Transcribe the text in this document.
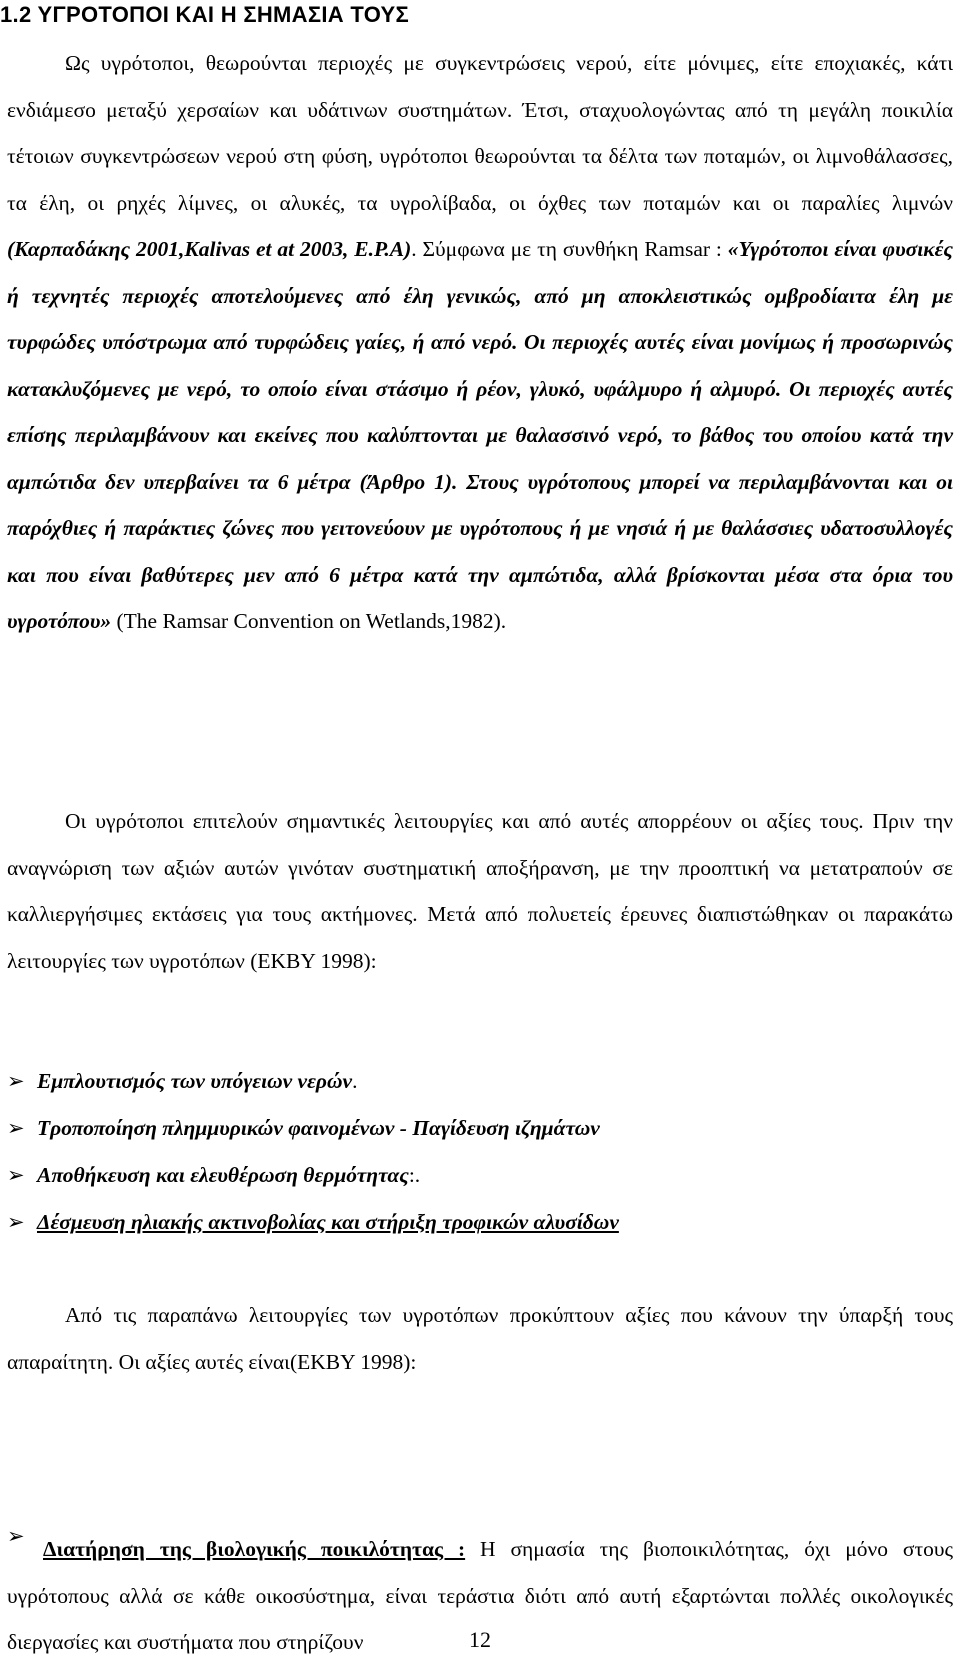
1.2 ΥΓΡΟΤΟΠΟΙ ΚΑΙ Η ΣΗΜΑΣΙΑ ΤΟΥΣ

Ως υγρότοποι, θεωρούνται περιοχές με συγκεντρώσεις νερού, είτε μόνιμες, είτε εποχιακές, κάτι ενδιάμεσο μεταξύ χερσαίων και υδάτινων συστημάτων. Έτσι, σταχυολογώντας από τη μεγάλη ποικιλία τέτοιων συγκεντρώσεων νερού στη φύση, υγρότοποι θεωρούνται τα δέλτα των ποταμών, οι λιμνοθάλασσες, τα έλη, οι ρηχές λίμνες, οι αλυκές, τα υγρολίβαδα, οι όχθες των ποταμών και οι παραλίες λιμνών (Καρπαδάκης 2001,Kalivas et at 2003, E.P.A). Σύμφωνα με τη συνθήκη Ramsar : «Υγρότοποι είναι φυσικές ή τεχνητές περιοχές αποτελούμενες από έλη γενικώς, από μη αποκλειστικώς ομβροδίαιτα έλη με τυρφώδες υπόστρωμα από τυρφώδεις γαίες, ή από νερό. Οι περιοχές αυτές είναι μονίμως ή προσωρινώς κατακλυζόμενες με νερό, το οποίο είναι στάσιμο ή ρέον, γλυκό, υφάλμυρο ή αλμυρό. Οι περιοχές αυτές επίσης περιλαμβάνουν και εκείνες που καλύπτονται με θαλασσινό νερό, το βάθος του οποίου κατά την αμπώτιδα δεν υπερβαίνει τα 6 μέτρα (Άρθρο 1). Στους υγρότοπους μπορεί να περιλαμβάνονται και οι παρόχθιες ή παράκτιες ζώνες που γειτονεύουν με υγρότοπους ή με νησιά ή με θαλάσσιες υδατοσυλλογές και που είναι βαθύτερες μεν από 6 μέτρα κατά την αμπώτιδα, αλλά βρίσκονται μέσα στα όρια του υγροτόπου» (The Ramsar Convention on Wetlands,1982).

Οι υγρότοποι επιτελούν σημαντικές λειτουργίες και από αυτές απορρέουν οι αξίες τους. Πριν την αναγνώριση των αξιών αυτών γινόταν συστηματική αποξήρανση, με την προοπτική να μετατραπούν σε καλλιεργήσιμες εκτάσεις για τους ακτήμονες. Μετά από πολυετείς έρευνες διαπιστώθηκαν οι παρακάτω λειτουργίες των υγροτόπων (ΕΚΒΥ 1998):

➢ Εμπλουτισμός των υπόγειων νερών .
➢ Τροποποίηση πλημμυρικών φαινομένων - Παγίδευση ιζημάτων
➢ Αποθήκευση και ελευθέρωση θερμότητας :.
➢ Δέσμευση ηλιακής ακτινοβολίας και στήριξη τροφικών αλυσίδων

Από τις παραπάνω λειτουργίες των υγροτόπων προκύπτουν αξίες που κάνουν την ύπαρξή τους απαραίτητη. Οι αξίες αυτές είναι(ΕΚΒΥ 1998):

➢
Διατήρηση της βιολογικής ποικιλότητας : Η σημασία της βιοποικιλότητας, όχι μόνο στους υγρότοπους αλλά σε κάθε οικοσύστημα, είναι τεράστια διότι από αυτή εξαρτώνται πολλές οικολογικές διεργασίες και συστήματα που στηρίζουν	12
